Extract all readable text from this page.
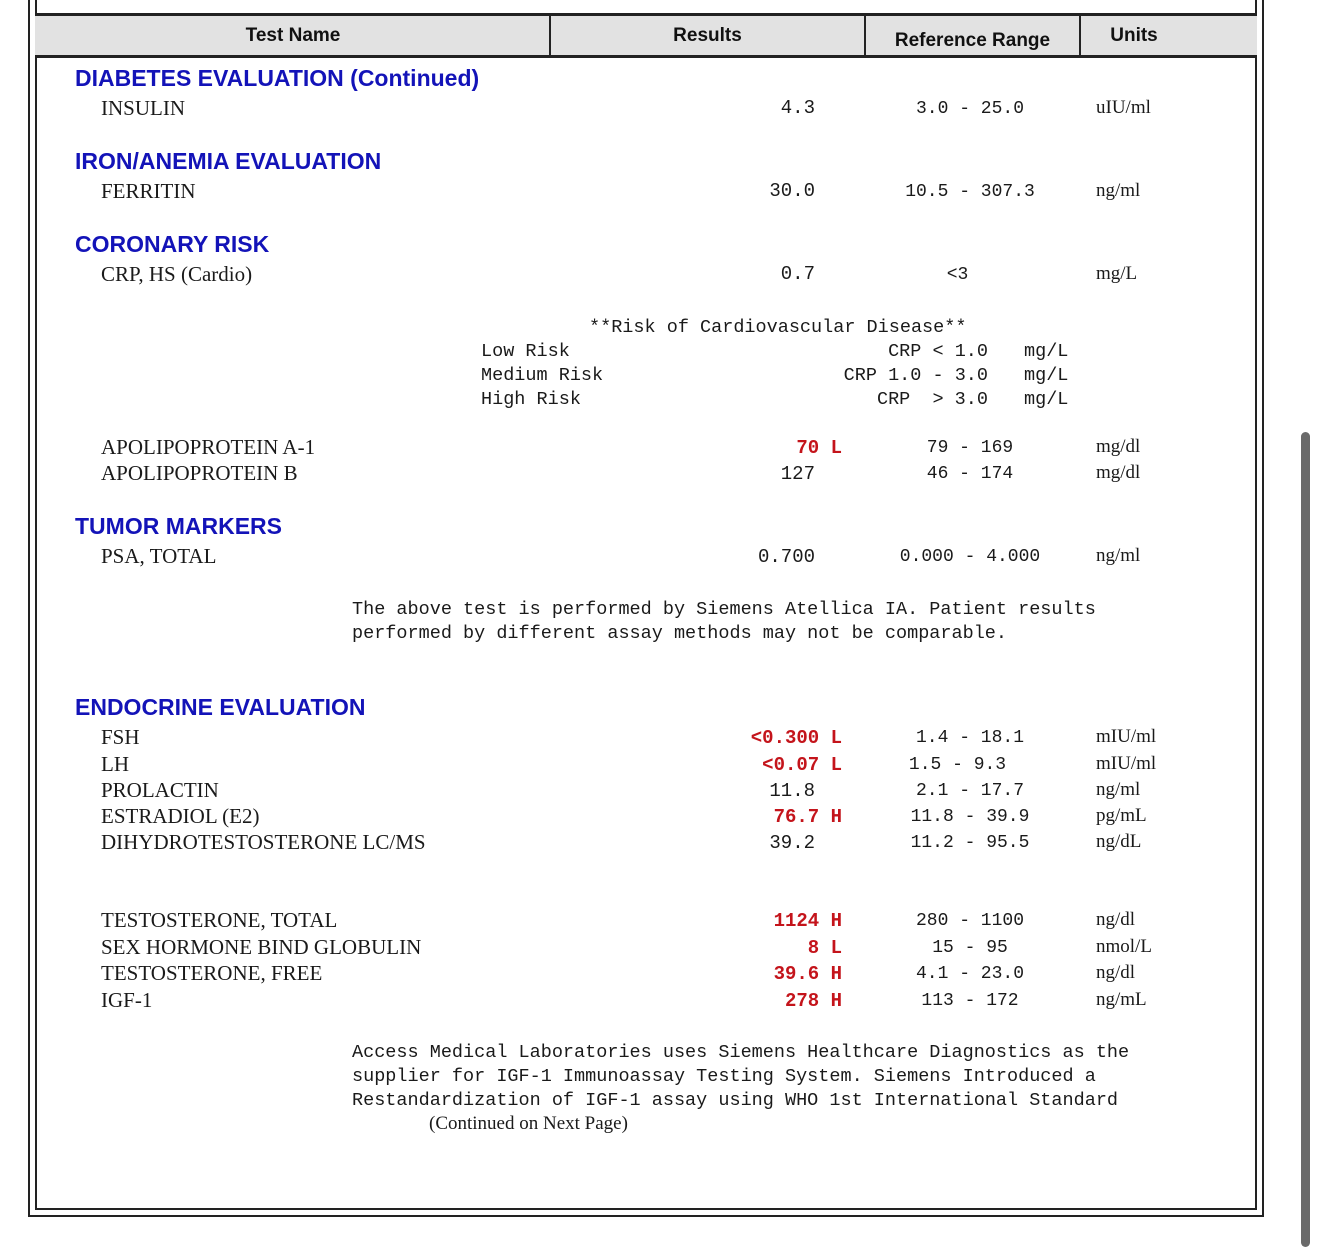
Test Name	Results	Reference Range	Units
DIABETES EVALUATION (Continued)
INSULIN	4.3	3.0 - 25.0	uIU/ml
IRON/ANEMIA EVALUATION
FERRITIN	30.0	10.5 - 307.3	ng/ml
CORONARY RISK
CRP, HS (Cardio)	0.7	<3	mg/L
**Risk of Cardiovascular Disease**
Low Risk	CRP < 1.0 mg/L
Medium Risk	CRP 1.0 - 3.0 mg/L
High Risk	CRP  > 3.0 mg/L
APOLIPOPROTEIN A-1	70 L	79 - 169	mg/dl
APOLIPOPROTEIN B	127	46 - 174	mg/dl
TUMOR MARKERS
PSA, TOTAL	0.700	0.000 - 4.000	ng/ml
The above test is performed by Siemens Atellica IA. Patient results
performed by different assay methods may not be comparable.
ENDOCRINE EVALUATION
FSH	<0.300 L	1.4 - 18.1	mIU/ml
LH	<0.07 L	1.5 - 9.3	mIU/ml
PROLACTIN	11.8	2.1 - 17.7	ng/ml
ESTRADIOL (E2)	76.7 H	11.8 - 39.9	pg/mL
DIHYDROTESTOSTERONE LC/MS	39.2	11.2 - 95.5	ng/dL
TESTOSTERONE, TOTAL	1124 H	280 - 1100	ng/dl
SEX HORMONE BIND GLOBULIN	8 L	15 - 95	nmol/L
TESTOSTERONE, FREE	39.6 H	4.1 - 23.0	ng/dl
IGF-1	278 H	113 - 172	ng/mL
Access Medical Laboratories uses Siemens Healthcare Diagnostics as the
supplier for IGF-1 Immunoassay Testing System. Siemens Introduced a
Restandardization of IGF-1 assay using WHO 1st International Standard
(Continued on Next Page)
